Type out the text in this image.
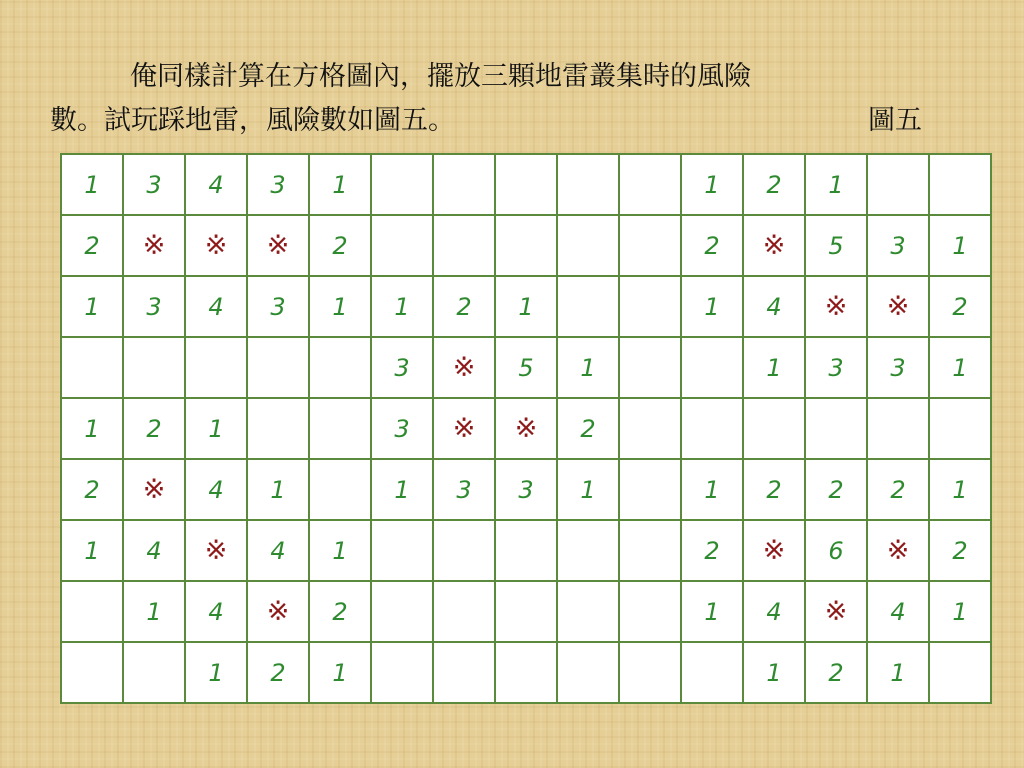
俺同樣計算在方格圖內，擺放三顆地雷叢集時的風險
數。試玩踩地雷，風險數如圖五。	圖五
1	3	4	3	1						1	2	1		
2	※	※	※	2						2	※	5	3	1
1	3	4	3	1	1	2	1			1	4	※	※	2
					3	※	5	1			1	3	3	1
1	2	1			3	※	※	2						
2	※	4	1		1	3	3	1		1	2	2	2	1
1	4	※	4	1						2	※	6	※	2
	1	4	※	2						1	4	※	4	1
		1	2	1							1	2	1	
